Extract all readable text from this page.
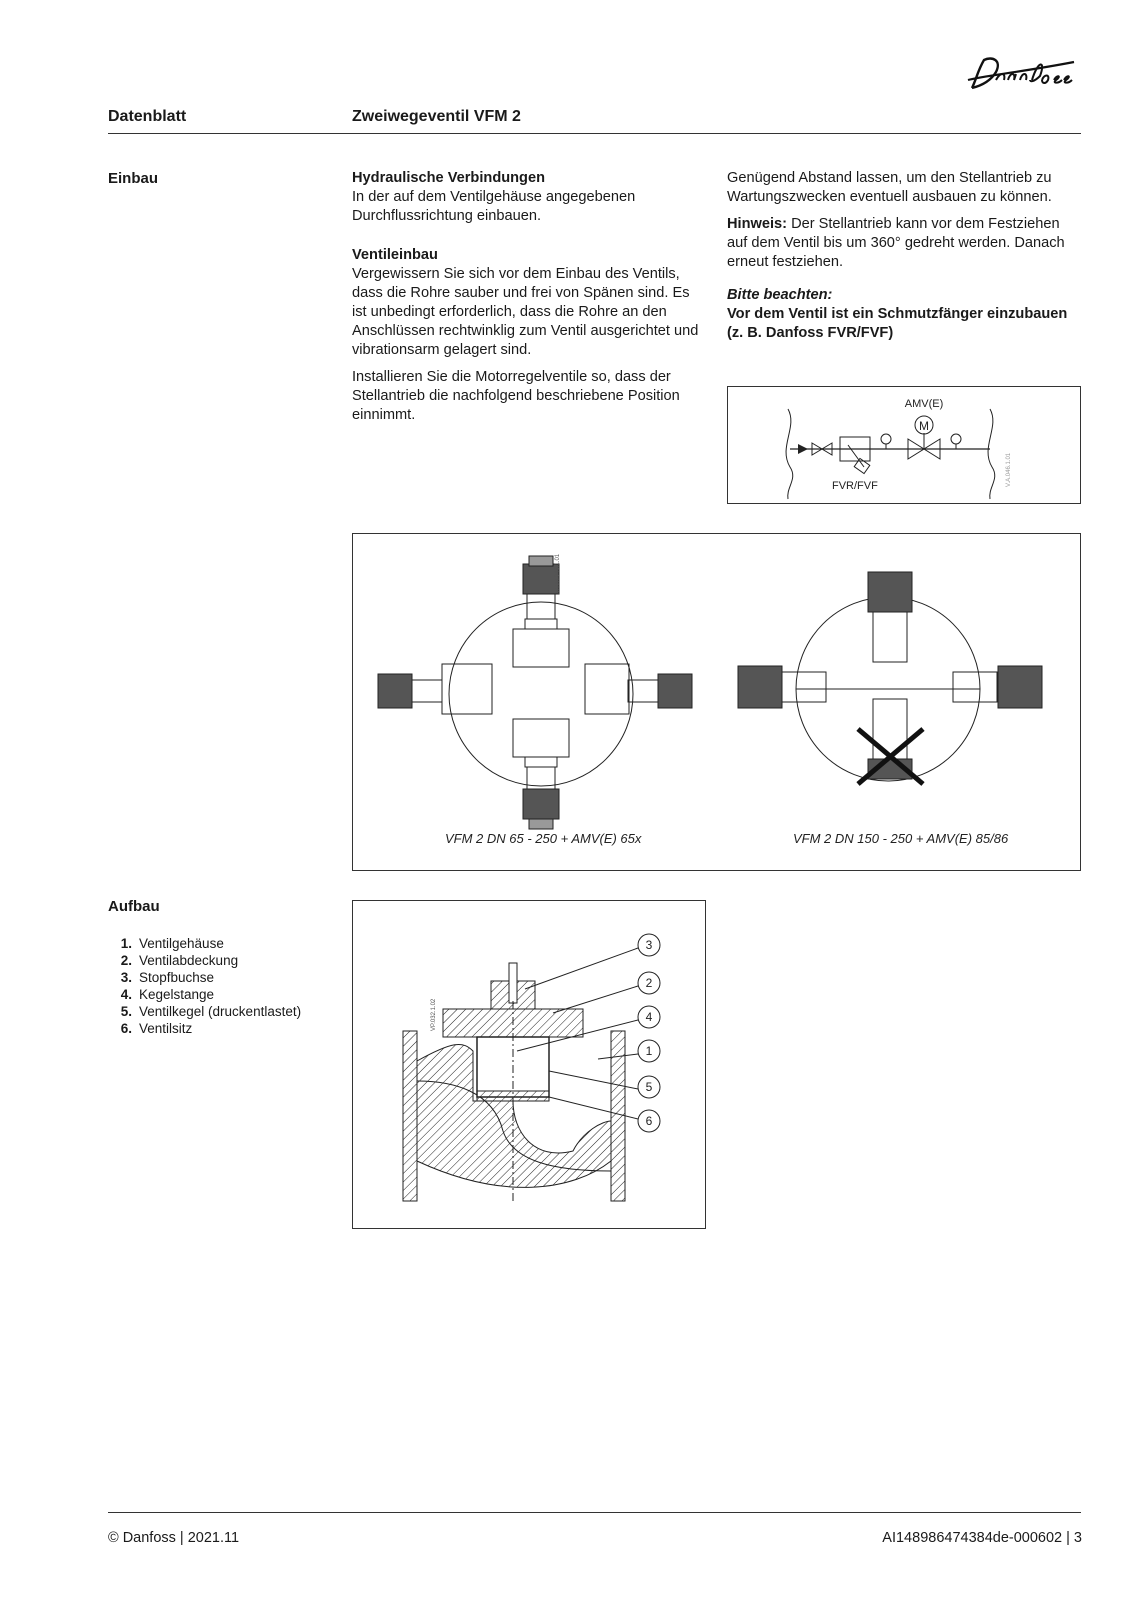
Datenblatt	Zweiwegeventil VFM 2
Einbau	Hydraulische Verbindungen

In der auf dem Ventilgehäuse angegebenen Durchflussrichtung einbauen.

Ventileinbau

Vergewissern Sie sich vor dem Einbau des Ventils, dass die Rohre sauber und frei von Spänen sind. Es ist unbedingt erforderlich, dass die Rohre an den Anschlüssen rechtwinklig zum Ventil ausgerichtet und vibrationsarm gelagert sind.

Installieren Sie die Motorregelventile so, dass der Stellantrieb die nachfolgend beschriebene Position einnimmt.

Genügend Abstand lassen, um den Stellantrieb zu Wartungszwecken eventuell ausbauen zu können.

Hinweis: Der Stellantrieb kann vor dem Festziehen auf dem Ventil bis um 360° gedreht werden. Danach erneut festziehen.

Bitte beachten:
Vor dem Ventil ist ein Schmutzfänger einzubauen (z. B. Danfoss FVR/FVF)
M
AMV(E)
FVR/FVF	V.A.046.1.01
MV.M.046.1.01
VFM 2 DN 65 - 250 + AMV(E) 65x	VFM 2 DN 150 - 250 + AMV(E) 85/86
Aufbau
1. Ventilgehäuse
2. Ventilabdeckung
3. Stopfbuchse
4. Kegelstange
5. Ventilkegel (druckentlastet)
6. Ventilsitz
3
2
4
1
5
6
VP.032.1.02
© Danfoss | 2021.11	AI148986474384de-000602 | 3
